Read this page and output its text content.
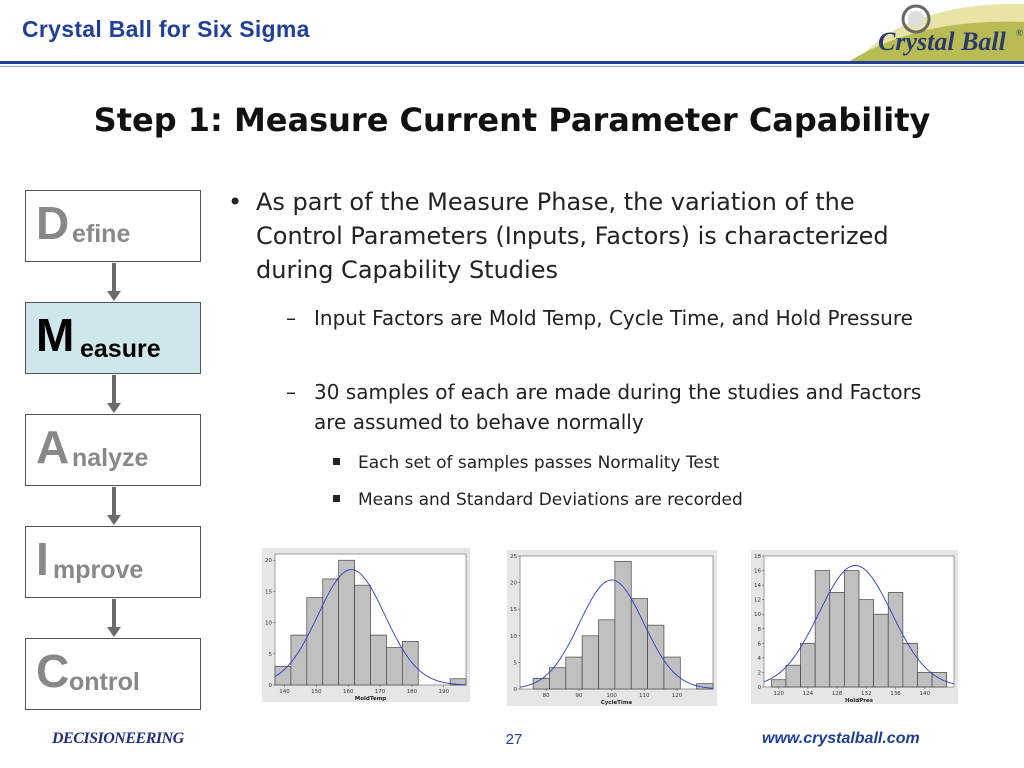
Crystal Ball for Six Sigma	Crystal Ball ®
Step 1: Measure Current Parameter Capability
D efine
M easure
A nalyze
I mprove
C ontrol
• As part of the Measure Phase, the variation of the Control Parameters (Inputs, Factors) is characterized during Capability Studies
– Input Factors are Mold Temp, Cycle Time, and Hold Pressure
– 30 samples of each are made during the studies and Factors are assumed to behave normally
Each set of samples passes Normality Test
Means and Standard Deviations are recorded
0
5
10
15
20
140	150	160	170	180	190
MoldTemp
0
5
10
15
20
25
80	90	100	110	120
CycleTime
0
2
4
6
8
10
12
14
16
18
120	124	128	132	136	140
HoldPres
DECISIONEERING	27	www.crystalball.com
